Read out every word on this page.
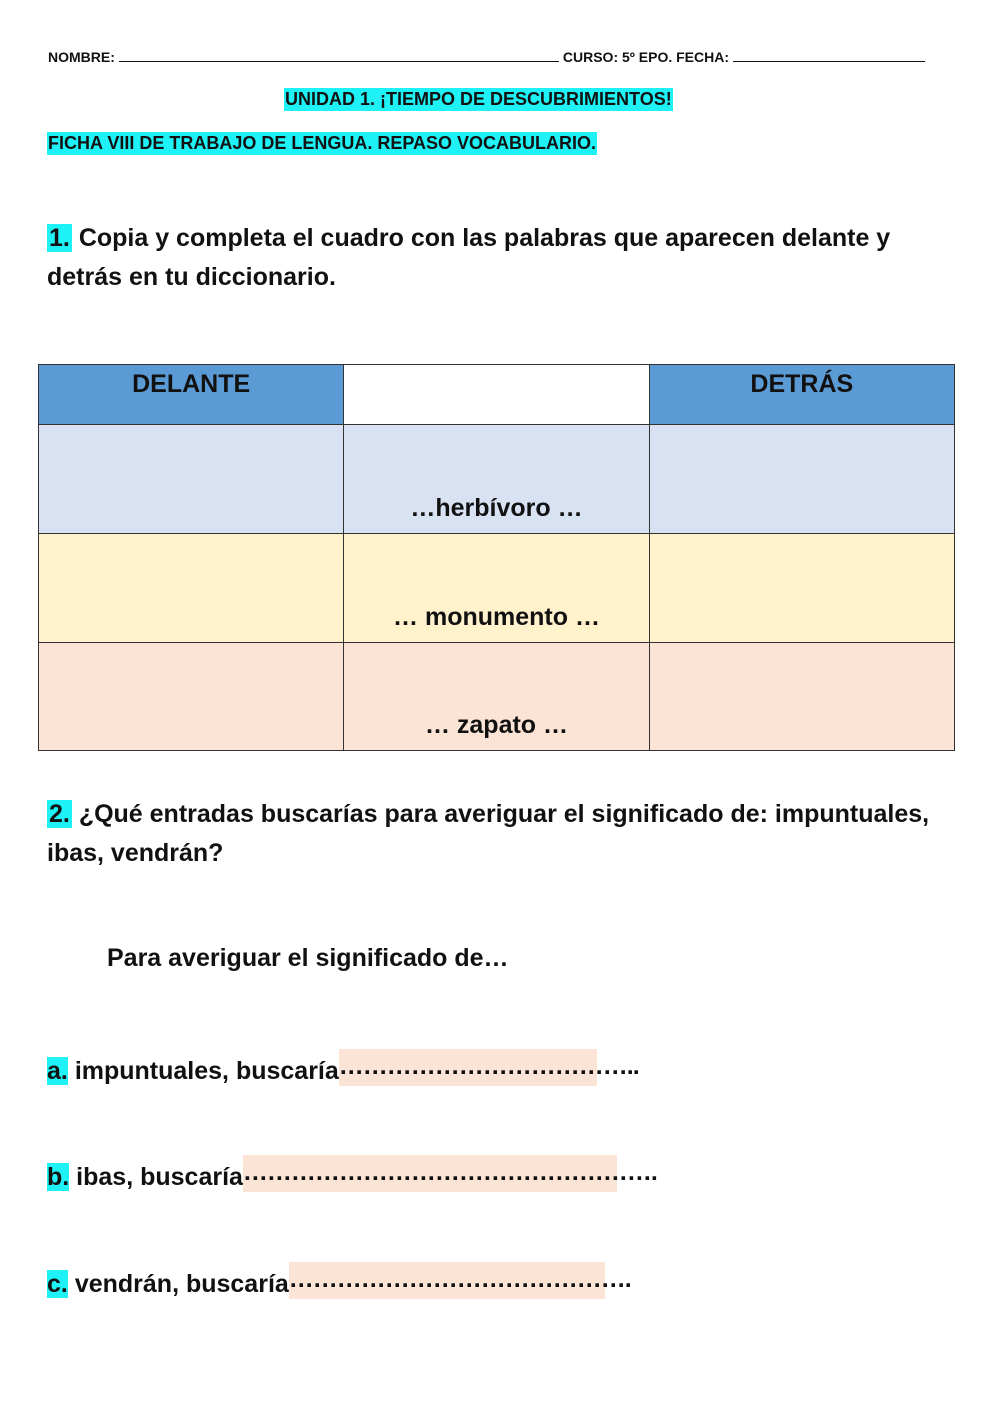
NOMBRE:	CURSO: 5º EPO. FECHA:
UNIDAD 1. ¡TIEMPO DE DESCUBRIMIENTOS!
FICHA VIII DE TRABAJO DE LENGUA. REPASO VOCABULARIO.
1. Copia y completa el cuadro con las palabras que aparecen delante y detrás en tu diccionario.
DELANTE		DETRÁS
	…herbívoro …	
	… monumento …	
	… zapato …	
2. ¿Qué entradas buscarías para averiguar el significado de: impuntuales, ibas, vendrán?
Para averiguar el significado de…
a. impuntuales, buscaría………………………………..
b. ibas, buscaría…………………………………………….
c. vendrán, buscaría…………………………………….
